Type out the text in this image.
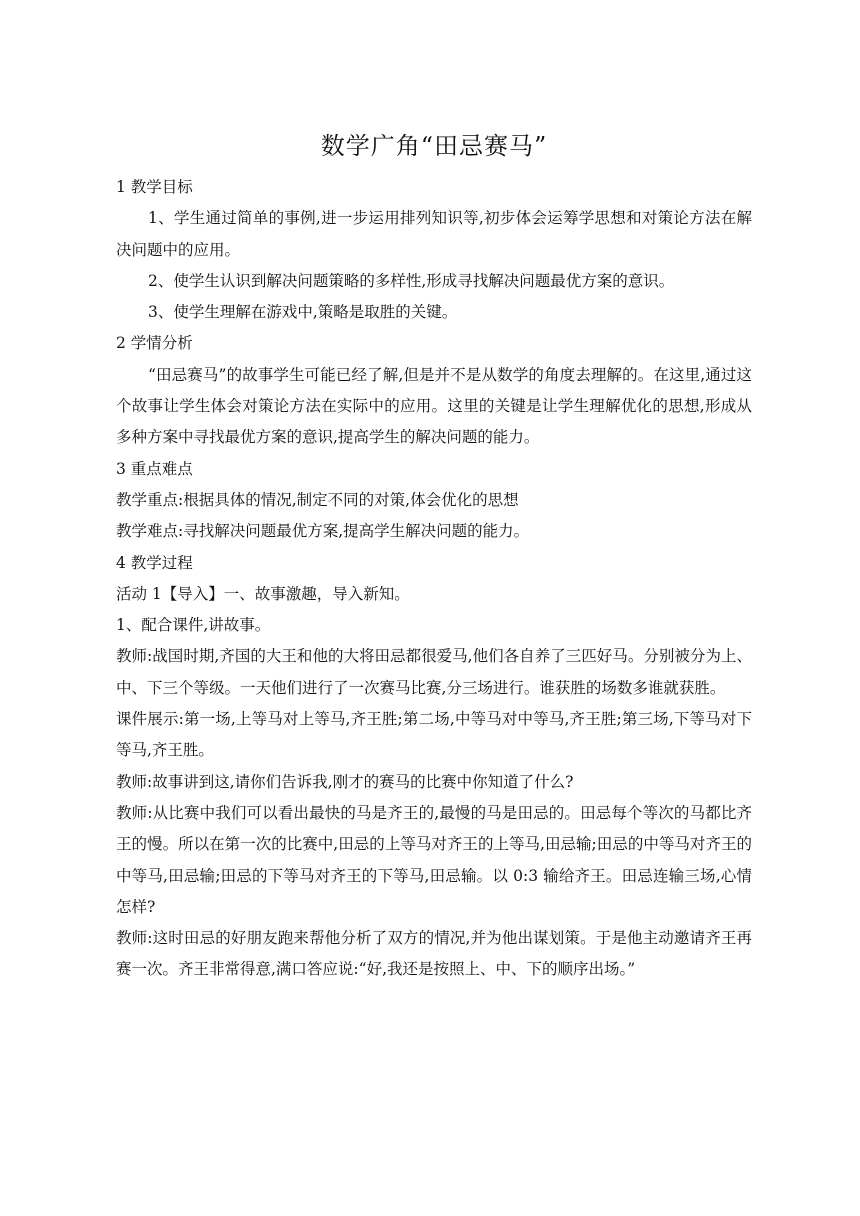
数学广角“田忌赛马”

1 教学目标

1、学生通过简单的事例,进一步运用排列知识等,初步体会运筹学思想和对策论方法在解决问题中的应用。

2、使学生认识到解决问题策略的多样性,形成寻找解决问题最优方案的意识。

3、使学生理解在游戏中,策略是取胜的关键。

2 学情分析

“田忌赛马”的故事学生可能已经了解,但是并不是从数学的角度去理解的。在这里,通过这个故事让学生体会对策论方法在实际中的应用。这里的关键是让学生理解优化的思想,形成从多种方案中寻找最优方案的意识,提高学生的解决问题的能力。

3 重点难点

教学重点:根据具体的情况,制定不同的对策,体会优化的思想

教学难点:寻找解决问题最优方案,提高学生解决问题的能力。

4 教学过程

活动 1【导入】一、故事激趣，导入新知。

1、配合课件,讲故事。

教师:战国时期,齐国的大王和他的大将田忌都很爱马,他们各自养了三匹好马。分别被分为上、中、下三个等级。一天他们进行了一次赛马比赛,分三场进行。谁获胜的场数多谁就获胜。

课件展示:第一场,上等马对上等马,齐王胜;第二场,中等马对中等马,齐王胜;第三场,下等马对下等马,齐王胜。

教师:故事讲到这,请你们告诉我,刚才的赛马的比赛中你知道了什么?

教师:从比赛中我们可以看出最快的马是齐王的,最慢的马是田忌的。田忌每个等次的马都比齐王的慢。所以在第一次的比赛中,田忌的上等马对齐王的上等马,田忌输;田忌的中等马对齐王的中等马,田忌输;田忌的下等马对齐王的下等马,田忌输。以 0:3 输给齐王。田忌连输三场,心情怎样?

教师:这时田忌的好朋友跑来帮他分析了双方的情况,并为他出谋划策。于是他主动邀请齐王再赛一次。齐王非常得意,满口答应说:“好,我还是按照上、中、下的顺序出场。”
